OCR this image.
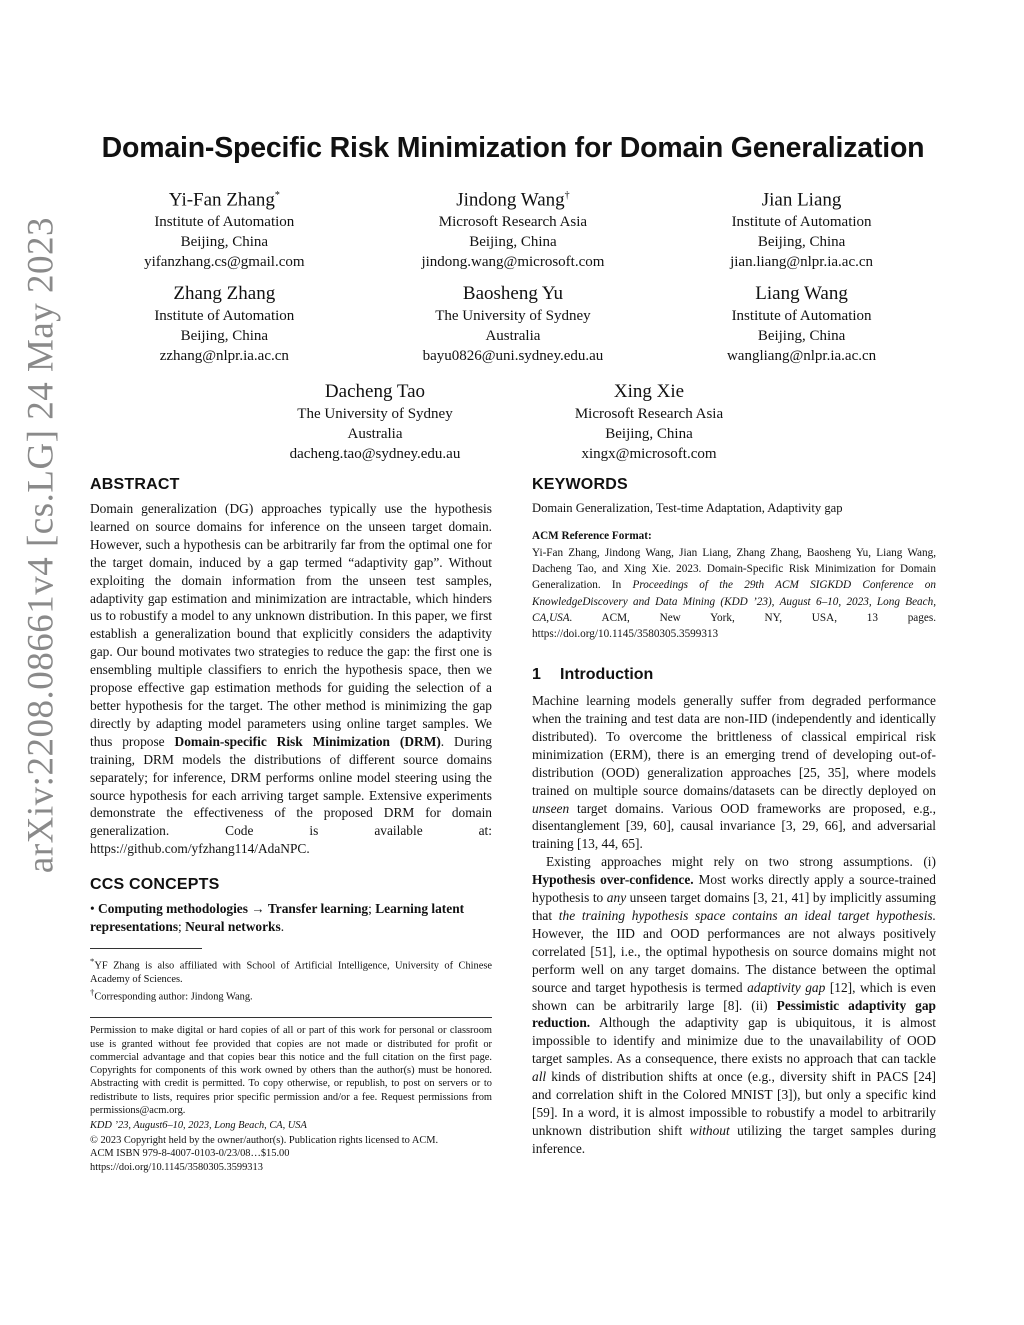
arXiv:2208.08661v4 [cs.LG] 24 May 2023
Domain-Specific Risk Minimization for Domain Generalization
Yi-Fan Zhang*
Institute of Automation
Beijing, China
yifanzhang.cs@gmail.com
Jindong Wang†
Microsoft Research Asia
Beijing, China
jindong.wang@microsoft.com
Jian Liang
Institute of Automation
Beijing, China
jian.liang@nlpr.ia.ac.cn
Zhang Zhang
Institute of Automation
Beijing, China
zzhang@nlpr.ia.ac.cn
Baosheng Yu
The University of Sydney
Australia
bayu0826@uni.sydney.edu.au
Liang Wang
Institute of Automation
Beijing, China
wangliang@nlpr.ia.ac.cn
Dacheng Tao
The University of Sydney
Australia
dacheng.tao@sydney.edu.au
Xing Xie
Microsoft Research Asia
Beijing, China
xingx@microsoft.com
ABSTRACT

Domain generalization (DG) approaches typically use the hypothesis learned on source domains for inference on the unseen target domain. However, such a hypothesis can be arbitrarily far from the optimal one for the target domain, induced by a gap termed “adaptivity gap”. Without exploiting the domain information from the unseen test samples, adaptivity gap estimation and minimization are intractable, which hinders us to robustify a model to any unknown distribution. In this paper, we first establish a generalization bound that explicitly considers the adaptivity gap. Our bound motivates two strategies to reduce the gap: the first one is ensembling multiple classifiers to enrich the hypothesis space, then we propose effective gap estimation methods for guiding the selection of a better hypothesis for the target. The other method is minimizing the gap directly by adapting model parameters using online target samples. We thus propose Domain-specific Risk Minimization (DRM). During training, DRM models the distributions of different source domains separately; for inference, DRM performs online model steering using the source hypothesis for each arriving target sample. Extensive experiments demonstrate the effectiveness of the proposed DRM for domain generalization. Code is available at: https://github.com/yfzhang114/AdaNPC.

CCS CONCEPTS

• Computing methodologies → Transfer learning; Learning latent representations; Neural networks.

*YF Zhang is also affiliated with School of Artificial Intelligence, University of Chinese Academy of Sciences.

†Corresponding author: Jindong Wang.

Permission to make digital or hard copies of all or part of this work for personal or classroom use is granted without fee provided that copies are not made or distributed for profit or commercial advantage and that copies bear this notice and the full citation on the first page. Copyrights for components of this work owned by others than the author(s) must be honored. Abstracting with credit is permitted. To copy otherwise, or republish, to post on servers or to redistribute to lists, requires prior specific permission and/or a fee. Request permissions from permissions@acm.org.

KDD ’23, August6–10, 2023, Long Beach, CA, USA

© 2023 Copyright held by the owner/author(s). Publication rights licensed to ACM.

ACM ISBN 979-8-4007-0103-0/23/08…$15.00

https://doi.org/10.1145/3580305.3599313

KEYWORDS

Domain Generalization, Test-time Adaptation, Adaptivity gap

ACM Reference Format:

Yi-Fan Zhang, Jindong Wang, Jian Liang, Zhang Zhang, Baosheng Yu, Liang Wang, Dacheng Tao, and Xing Xie. 2023. Domain-Specific Risk Minimization for Domain Generalization. In Proceedings of the 29th ACM SIGKDD Conference on KnowledgeDiscovery and Data Mining (KDD ’23), August 6–10, 2023, Long Beach, CA,USA. ACM, New York, NY, USA, 13 pages. https://doi.org/10.1145/3580305.3599313

1 Introduction

Machine learning models generally suffer from degraded performance when the training and test data are non-IID (independently and identically distributed). To overcome the brittleness of classical empirical risk minimization (ERM), there is an emerging trend of developing out-of-distribution (OOD) generalization approaches [25, 35], where models trained on multiple source domains/datasets can be directly deployed on unseen target domains. Various OOD frameworks are proposed, e.g., disentanglement [39, 60], causal invariance [3, 29, 66], and adversarial training [13, 44, 65].

Existing approaches might rely on two strong assumptions. (i) Hypothesis over-confidence. Most works directly apply a source-trained hypothesis to any unseen target domains [3, 21, 41] by implicitly assuming that the training hypothesis space contains an ideal target hypothesis. However, the IID and OOD performances are not always positively correlated [51], i.e., the optimal hypothesis on source domains might not perform well on any target domains. The distance between the optimal source and target hypothesis is termed adaptivity gap [12], which is even shown can be arbitrarily large [8]. (ii) Pessimistic adaptivity gap reduction. Although the adaptivity gap is ubiquitous, it is almost impossible to identify and minimize due to the unavailability of OOD target samples. As a consequence, there exists no approach that can tackle all kinds of distribution shifts at once (e.g., diversity shift in PACS [24] and correlation shift in the Colored MNIST [3]), but only a specific kind [59]. In a word, it is almost impossible to robustify a model to arbitrarily unknown distribution shift without utilizing the target samples during inference.
